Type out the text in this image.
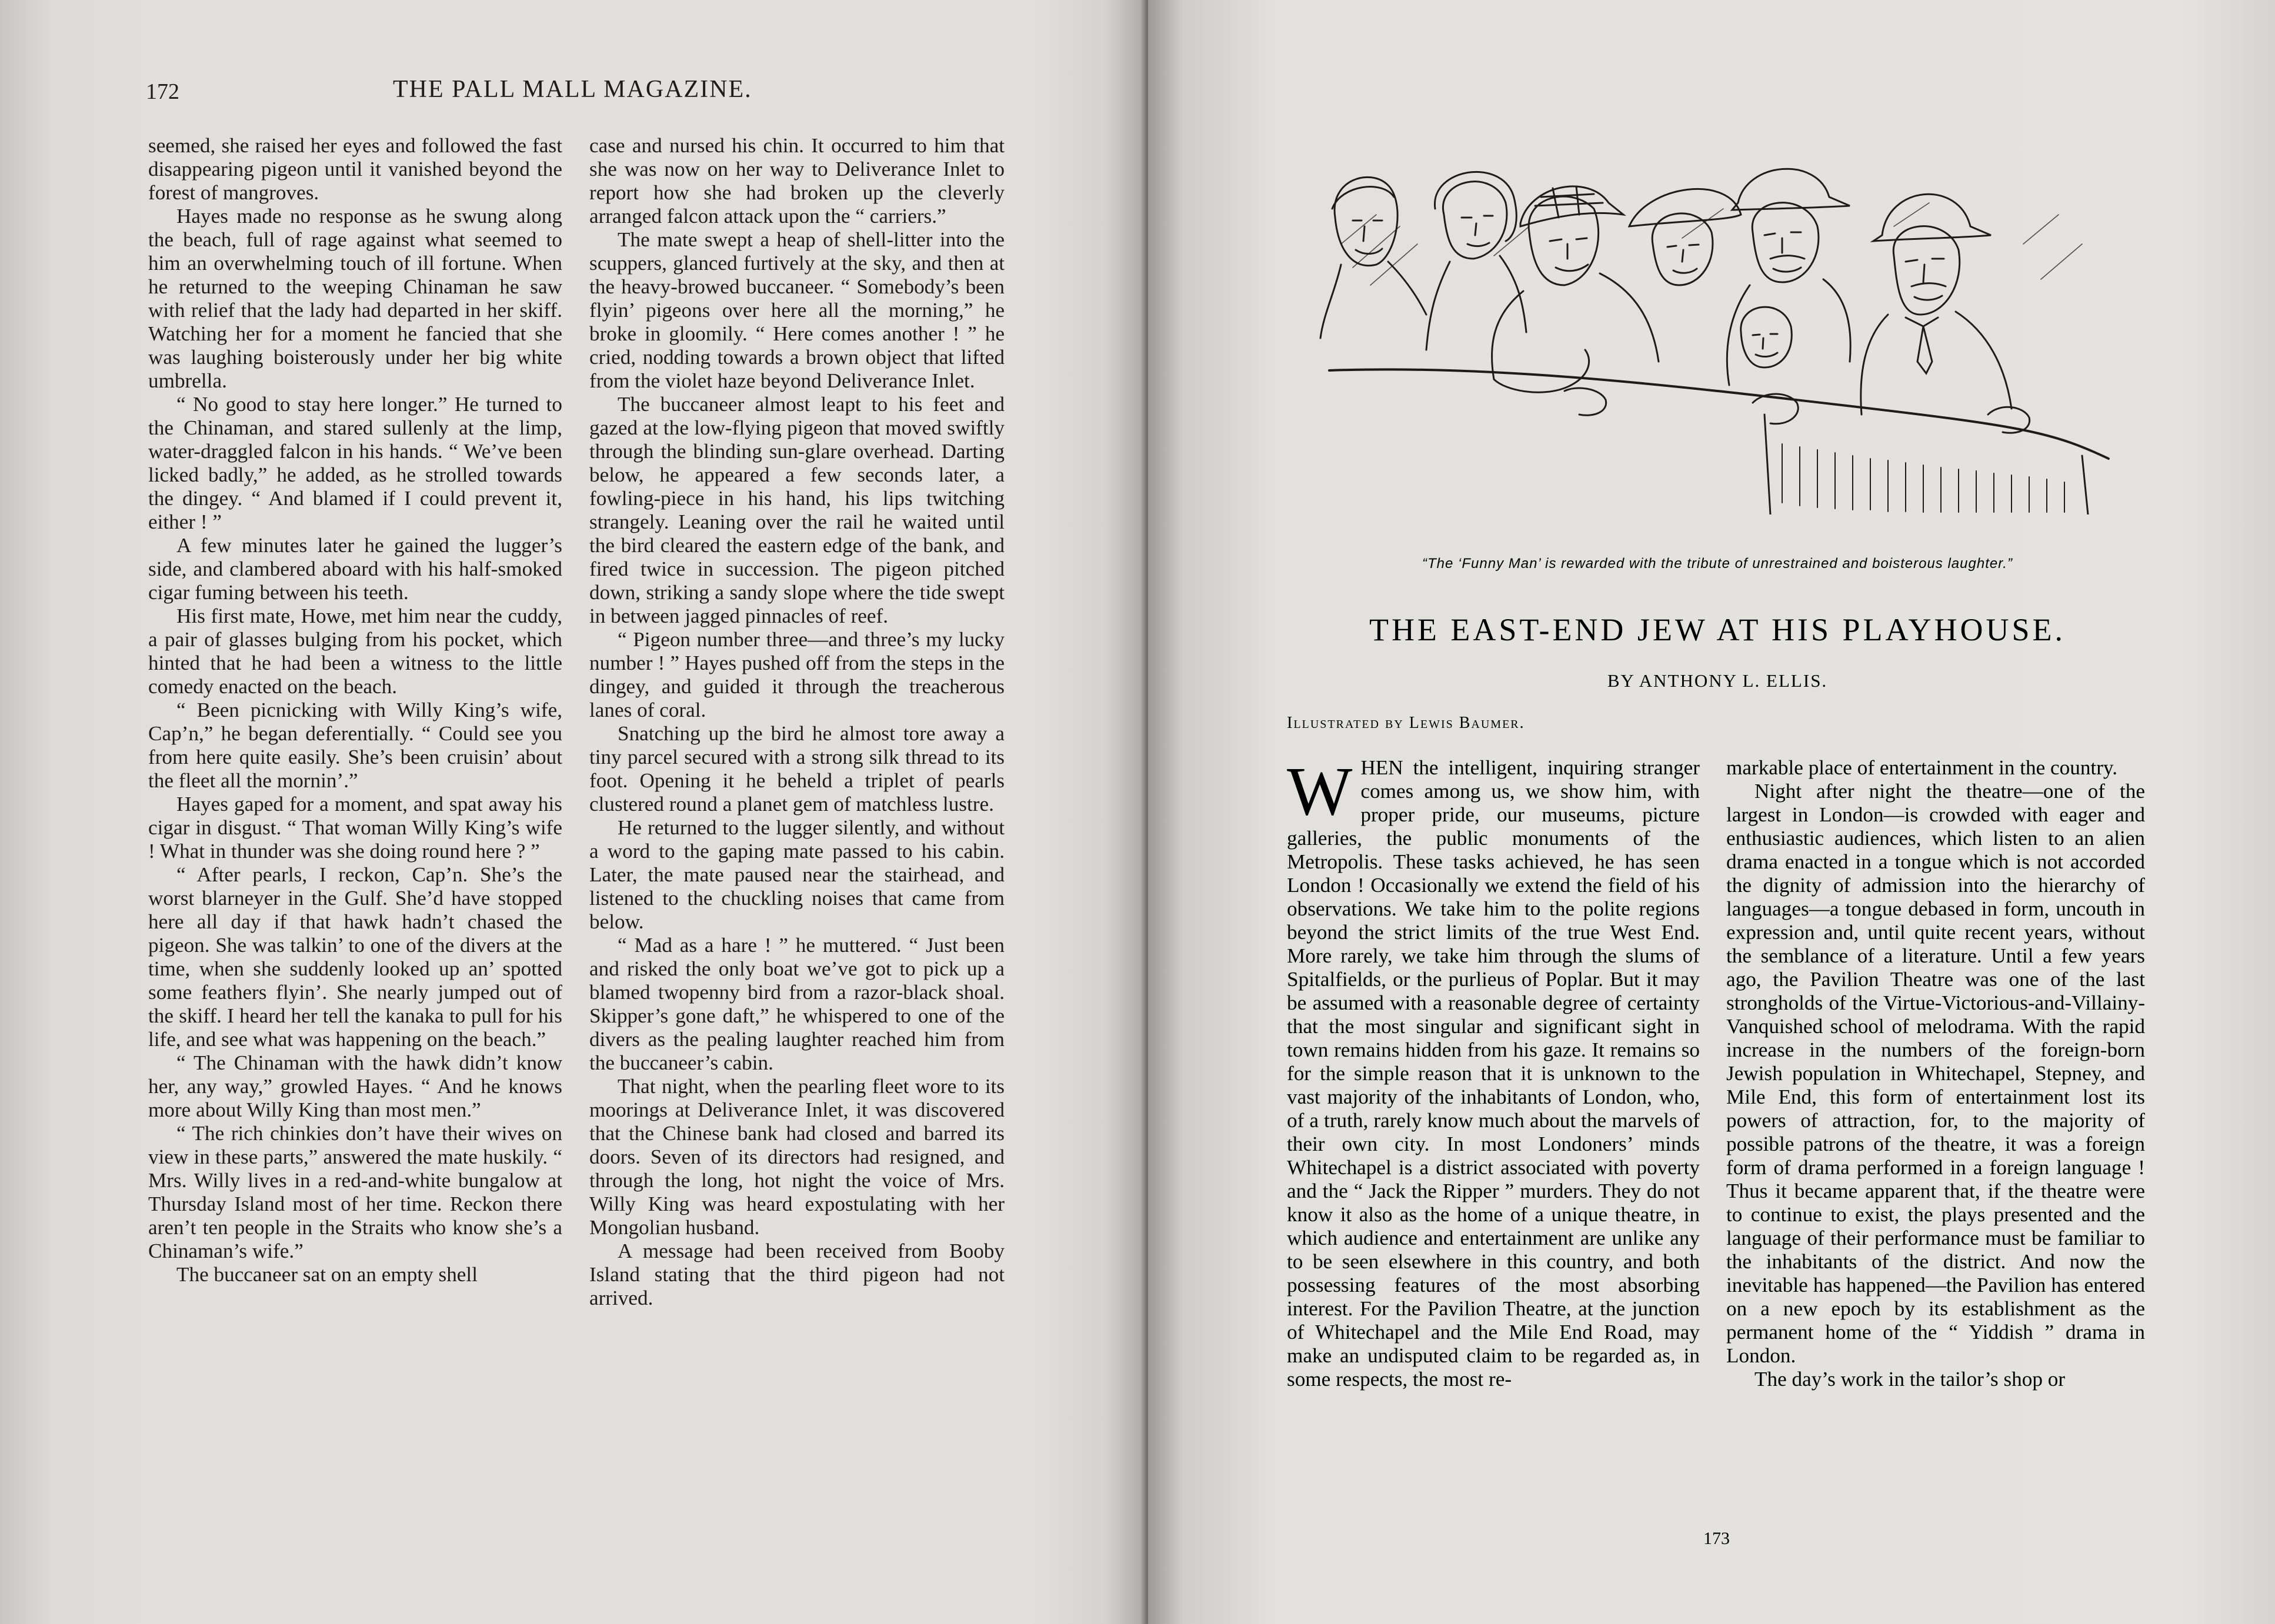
172	THE PALL MALL MAGAZINE.

seemed, she raised her eyes and followed the fast disappearing pigeon until it vanished beyond the forest of mangroves.

Hayes made no response as he swung along the beach, full of rage against what seemed to him an overwhelming touch of ill fortune. When he returned to the weeping Chinaman he saw with relief that the lady had departed in her skiff. Watching her for a moment he fancied that she was laughing boisterously under her big white umbrella.

“ No good to stay here longer.” He turned to the Chinaman, and stared sullenly at the limp, water-draggled falcon in his hands. “ We’ve been licked badly,” he added, as he strolled towards the dingey. “ And blamed if I could prevent it, either ! ”

A few minutes later he gained the lugger’s side, and clambered aboard with his half-smoked cigar fuming between his teeth.

His first mate, Howe, met him near the cuddy, a pair of glasses bulging from his pocket, which hinted that he had been a witness to the little comedy enacted on the beach.

“ Been picnicking with Willy King’s wife, Cap’n,” he began deferentially. “ Could see you from here quite easily. She’s been cruisin’ about the fleet all the mornin’.”

Hayes gaped for a moment, and spat away his cigar in disgust. “ That woman Willy King’s wife ! What in thunder was she doing round here ? ”

“ After pearls, I reckon, Cap’n. She’s the worst blarneyer in the Gulf. She’d have stopped here all day if that hawk hadn’t chased the pigeon. She was talkin’ to one of the divers at the time, when she suddenly looked up an’ spotted some feathers flyin’. She nearly jumped out of the skiff. I heard her tell the kanaka to pull for his life, and see what was happening on the beach.”

“ The Chinaman with the hawk didn’t know her, any way,” growled Hayes. “ And he knows more about Willy King than most men.”

“ The rich chinkies don’t have their wives on view in these parts,” answered the mate huskily. “ Mrs. Willy lives in a red-and-white bungalow at Thursday Island most of her time. Reckon there aren’t ten people in the Straits who know she’s a Chinaman’s wife.”

The buccaneer sat on an empty shell

case and nursed his chin. It occurred to him that she was now on her way to Deliverance Inlet to report how she had broken up the cleverly arranged falcon attack upon the “ carriers.”

The mate swept a heap of shell-litter into the scuppers, glanced furtively at the sky, and then at the heavy-browed buccaneer. “ Somebody’s been flyin’ pigeons over here all the morning,” he broke in gloomily. “ Here comes another ! ” he cried, nodding towards a brown object that lifted from the violet haze beyond Deliverance Inlet.

The buccaneer almost leapt to his feet and gazed at the low-flying pigeon that moved swiftly through the blinding sun-glare overhead. Darting below, he appeared a few seconds later, a fowling-piece in his hand, his lips twitching strangely. Leaning over the rail he waited until the bird cleared the eastern edge of the bank, and fired twice in succession. The pigeon pitched down, striking a sandy slope where the tide swept in between jagged pinnacles of reef.

“ Pigeon number three—and three’s my lucky number ! ” Hayes pushed off from the steps in the dingey, and guided it through the treacherous lanes of coral.

Snatching up the bird he almost tore away a tiny parcel secured with a strong silk thread to its foot. Opening it he beheld a triplet of pearls clustered round a planet gem of matchless lustre.

He returned to the lugger silently, and without a word to the gaping mate passed to his cabin. Later, the mate paused near the stairhead, and listened to the chuckling noises that came from below.

“ Mad as a hare ! ” he muttered. “ Just been and risked the only boat we’ve got to pick up a blamed twopenny bird from a razor-black shoal. Skipper’s gone daft,” he whispered to one of the divers as the pealing laughter reached him from the buccaneer’s cabin.

That night, when the pearling fleet wore to its moorings at Deliverance Inlet, it was discovered that the Chinese bank had closed and barred its doors. Seven of its directors had resigned, and through the long, hot night the voice of Mrs. Willy King was heard expostulating with her Mongolian husband.

A message had been received from Booby Island stating that the third pigeon had not arrived.

“The ‘Funny Man’ is rewarded with the tribute of unrestrained and boisterous laughter.”
THE EAST-END JEW AT HIS PLAYHOUSE.
BY ANTHONY L. ELLIS.
Illustrated by Lewis Baumer.

WHEN the intelligent, inquiring stranger comes among us, we show him, with proper pride, our museums, picture galleries, the public monuments of the Metropolis. These tasks achieved, he has seen London ! Occasionally we extend the field of his observations. We take him to the polite regions beyond the strict limits of the true West End. More rarely, we take him through the slums of Spitalfields, or the purlieus of Poplar. But it may be assumed with a reasonable degree of certainty that the most singular and significant sight in town remains hidden from his gaze. It remains so for the simple reason that it is unknown to the vast majority of the inhabitants of London, who, of a truth, rarely know much about the marvels of their own city. In most Londoners’ minds Whitechapel is a district associated with poverty and the “ Jack the Ripper ” murders. They do not know it also as the home of a unique theatre, in which audience and entertainment are unlike any to be seen elsewhere in this country, and both possessing features of the most absorbing interest. For the Pavilion Theatre, at the junction of Whitechapel and the Mile End Road, may make an undisputed claim to be regarded as, in some respects, the most re-

markable place of entertainment in the country.

Night after night the theatre—one of the largest in London—is crowded with eager and enthusiastic audiences, which listen to an alien drama enacted in a tongue which is not accorded the dignity of admission into the hierarchy of languages—a tongue debased in form, uncouth in expression and, until quite recent years, without the semblance of a literature. Until a few years ago, the Pavilion Theatre was one of the last strongholds of the Virtue-Victorious-and-Villainy-Vanquished school of melodrama. With the rapid increase in the numbers of the foreign-born Jewish population in Whitechapel, Stepney, and Mile End, this form of entertainment lost its powers of attraction, for, to the majority of possible patrons of the theatre, it was a foreign form of drama performed in a foreign language ! Thus it became apparent that, if the theatre were to continue to exist, the plays presented and the language of their performance must be familiar to the inhabitants of the district. And now the inevitable has happened—the Pavilion has entered on a new epoch by its establishment as the permanent home of the “ Yiddish ” drama in London.

The day’s work in the tailor’s shop or

173
